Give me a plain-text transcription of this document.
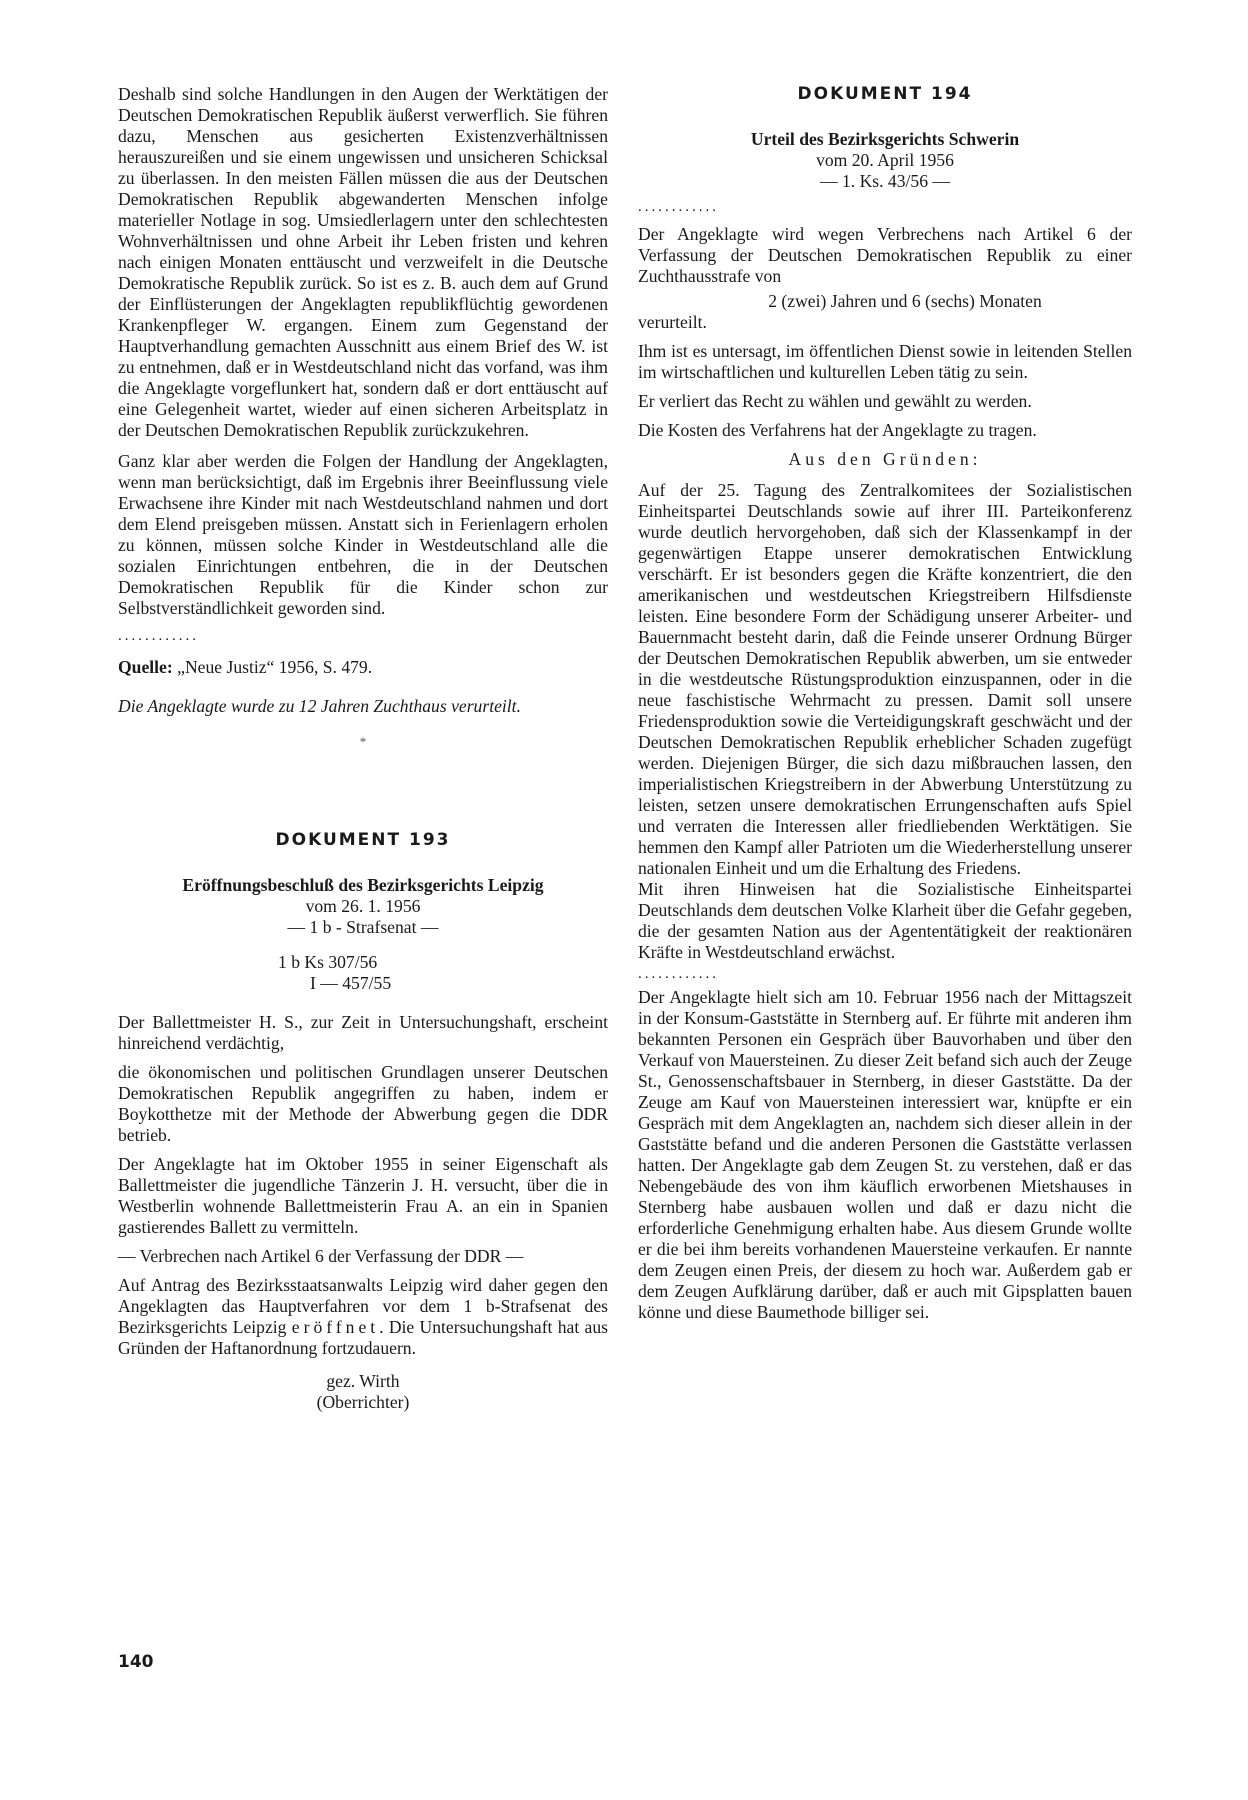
Deshalb sind solche Handlungen in den Augen der Werktätigen der Deutschen Demokratischen Republik äußerst verwerflich. Sie führen dazu, Menschen aus gesicherten Existenzverhältnissen herauszureißen und sie einem ungewissen und unsicheren Schicksal zu überlassen. In den meisten Fällen müssen die aus der Deutschen Demokratischen Republik abgewanderten Menschen infolge materieller Notlage in sog. Umsiedlerlagern unter den schlechtesten Wohnverhältnissen und ohne Arbeit ihr Leben fristen und kehren nach einigen Monaten enttäuscht und verzweifelt in die Deutsche Demokratische Republik zurück. So ist es z. B. auch dem auf Grund der Einflüsterungen der Angeklagten republikflüchtig gewordenen Krankenpfleger W. ergangen. Einem zum Gegenstand der Hauptverhandlung gemachten Ausschnitt aus einem Brief des W. ist zu entnehmen, daß er in Westdeutschland nicht das vorfand, was ihm die Angeklagte vorgeflunkert hat, sondern daß er dort enttäuscht auf eine Gelegenheit wartet, wieder auf einen sicheren Arbeitsplatz in der Deutschen Demokratischen Republik zurückzukehren.

Ganz klar aber werden die Folgen der Handlung der Angeklagten, wenn man berücksichtigt, daß im Ergebnis ihrer Beeinflussung viele Erwachsene ihre Kinder mit nach Westdeutschland nahmen und dort dem Elend preisgeben müssen. Anstatt sich in Ferienlagern erholen zu können, müssen solche Kinder in Westdeutschland alle die sozialen Einrichtungen entbehren, die in der Deutschen Demokratischen Republik für die Kinder schon zur Selbstverständlichkeit geworden sind.

............

Quelle: „Neue Justiz“ 1956, S. 479.

Die Angeklagte wurde zu 12 Jahren Zuchthaus verurteilt.

*
DOKUMENT 193
Eröffnungsbeschluß des Bezirksgerichts Leipzig
vom 26. 1. 1956
— 1 b - Strafsenat —
1 b Ks 307/56
I — 457/55

Der Ballettmeister H. S., zur Zeit in Untersuchungshaft, erscheint hinreichend verdächtig,

die ökonomischen und politischen Grundlagen unserer Deutschen Demokratischen Republik angegriffen zu haben, indem er Boykotthetze mit der Methode der Abwerbung gegen die DDR betrieb.

Der Angeklagte hat im Oktober 1955 in seiner Eigenschaft als Ballettmeister die jugendliche Tänzerin J. H. versucht, über die in Westberlin wohnende Ballettmeisterin Frau A. an ein in Spanien gastierendes Ballett zu vermitteln.

— Verbrechen nach Artikel 6 der Verfassung der DDR —

Auf Antrag des Bezirksstaatsanwalts Leipzig wird daher gegen den Angeklagten das Hauptverfahren vor dem 1 b-Strafsenat des Bezirksgerichts Leipzig eröffnet. Die Untersuchungshaft hat aus Gründen der Haftanordnung fortzudauern.

gez. Wirth
(Oberrichter)
DOKUMENT 194
Urteil des Bezirksgerichts Schwerin
vom 20. April 1956
— 1. Ks. 43/56 —
............

Der Angeklagte wird wegen Verbrechens nach Artikel 6 der Verfassung der Deutschen Demokratischen Republik zu einer Zuchthausstrafe von

2 (zwei) Jahren und 6 (sechs) Monaten

verurteilt.

Ihm ist es untersagt, im öffentlichen Dienst sowie in leitenden Stellen im wirtschaftlichen und kulturellen Leben tätig zu sein.

Er verliert das Recht zu wählen und gewählt zu werden.

Die Kosten des Verfahrens hat der Angeklagte zu tragen.

Aus den Gründen:

Auf der 25. Tagung des Zentralkomitees der Sozialistischen Einheitspartei Deutschlands sowie auf ihrer III. Parteikonferenz wurde deutlich hervorgehoben, daß sich der Klassenkampf in der gegenwärtigen Etappe unserer demokratischen Entwicklung verschärft. Er ist besonders gegen die Kräfte konzentriert, die den amerikanischen und westdeutschen Kriegstreibern Hilfsdienste leisten. Eine besondere Form der Schädigung unserer Arbeiter- und Bauernmacht besteht darin, daß die Feinde unserer Ordnung Bürger der Deutschen Demokratischen Republik abwerben, um sie entweder in die westdeutsche Rüstungsproduktion einzuspannen, oder in die neue faschistische Wehrmacht zu pressen. Damit soll unsere Friedensproduktion sowie die Verteidigungskraft geschwächt und der Deutschen Demokratischen Republik erheblicher Schaden zugefügt werden. Diejenigen Bürger, die sich dazu mißbrauchen lassen, den imperialistischen Kriegstreibern in der Abwerbung Unterstützung zu leisten, setzen unsere demokratischen Errungenschaften aufs Spiel und verraten die Interessen aller friedliebenden Werktätigen. Sie hemmen den Kampf aller Patrioten um die Wiederherstellung unserer nationalen Einheit und um die Erhaltung des Friedens.

Mit ihren Hinweisen hat die Sozialistische Einheitspartei Deutschlands dem deutschen Volke Klarheit über die Gefahr gegeben, die der gesamten Nation aus der Agententätigkeit der reaktionären Kräfte in Westdeutschland erwächst.

............

Der Angeklagte hielt sich am 10. Februar 1956 nach der Mittagszeit in der Konsum-Gaststätte in Sternberg auf. Er führte mit anderen ihm bekannten Personen ein Gespräch über Bauvorhaben und über den Verkauf von Mauersteinen. Zu dieser Zeit befand sich auch der Zeuge St., Genossenschaftsbauer in Sternberg, in dieser Gaststätte. Da der Zeuge am Kauf von Mauersteinen interessiert war, knüpfte er ein Gespräch mit dem Angeklagten an, nachdem sich dieser allein in der Gaststätte befand und die anderen Personen die Gaststätte verlassen hatten. Der Angeklagte gab dem Zeugen St. zu verstehen, daß er das Nebengebäude des von ihm käuflich erworbenen Mietshauses in Sternberg habe ausbauen wollen und daß er dazu nicht die erforderliche Genehmigung erhalten habe. Aus diesem Grunde wollte er die bei ihm bereits vorhandenen Mauersteine verkaufen. Er nannte dem Zeugen einen Preis, der diesem zu hoch war. Außerdem gab er dem Zeugen Aufklärung darüber, daß er auch mit Gipsplatten bauen könne und diese Baumethode billiger sei.

140
